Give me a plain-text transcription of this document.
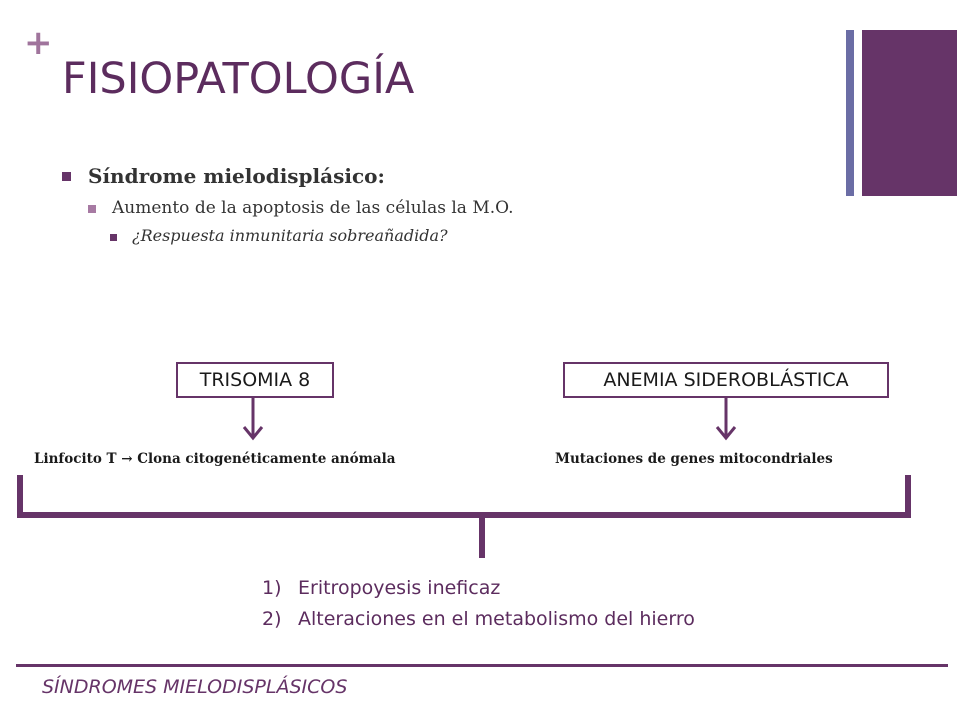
+
FISIOPATOLOGÍA
Síndrome mielodisplásico:
Aumento de la apoptosis de las células la M.O.
¿Respuesta inmunitaria sobreañadida?
TRISOMIA 8	ANEMIA SIDEROBLÁSTICA
Linfocito T → Clona citogenéticamente anómala	Mutaciones de genes mitocondriales
1) Eritropoyesis ineficaz
2) Alteraciones en el metabolismo del hierro
SÍNDROMES MIELODISPLÁSICOS
